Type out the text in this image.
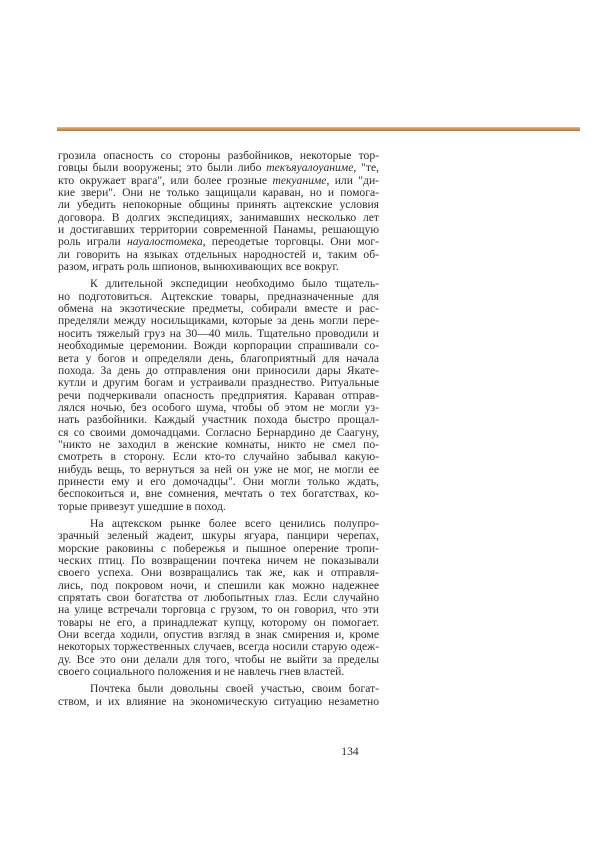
грозила опасность со стороны разбойников, некоторые тор-
говцы были вооружены; это были либо текъяуалоуаниме, "те,
кто окружает врага", или более грозные текуаниме, или "ди-
кие звери". Они не только защищали караван, но и помога-
ли убедить непокорные общины принять ацтекские условия
договора. В долгих экспедициях, занимавших несколько лет
и достигавших территории современной Панамы, решающую
роль играли науалостомека, переодетые торговцы. Они мог-
ли говорить на языках отдельных народностей и, таким об-
разом, играть роль шпионов, вынюхивающих все вокруг.
К длительной экспедиции необходимо было тщатель-
но подготовиться. Ацтекские товары, предназначенные для
обмена на экзотические предметы, собирали вместе и рас-
пределяли между носильщиками, которые за день могли пере-
носить тяжелый груз на 30—40 миль. Тщательно проводили и
необходимые церемонии. Вожди корпорации спрашивали со-
вета у богов и определяли день, благоприятный для начала
похода. За день до отправления они приносили дары Якате-
кутли и другим богам и устраивали празднество. Ритуальные
речи подчеркивали опасность предприятия. Караван отправ-
лялся ночью, без особого шума, чтобы об этом не могли уз-
нать разбойники. Каждый участник похода быстро прощал-
ся со своими домочадцами. Согласно Бернардино де Саагуну,
"никто не заходил в женские комнаты, никто не смел по-
смотреть в сторону. Если кто-то случайно забывал какую-
нибудь вещь, то вернуться за ней он уже не мог, не могли ее
принести ему и его домочадцы". Они могли только ждать,
беспокоиться и, вне сомнения, мечтать о тех богатствах, ко-
торые привезут ушедшие в поход.
На ацтекском рынке более всего ценились полупро-
зрачный зеленый жадеит, шкуры ягуара, панцири черепах,
морские раковины с побережья и пышное оперение тропи-
ческих птиц. По возвращении почтека ничем не показывали
своего успеха. Они возвращались так же, как и отправля-
лись, под покровом ночи, и спешили как можно надежнее
спрятать свои богатства от любопытных глаз. Если случайно
на улице встречали торговца с грузом, то он говорил, что эти
товары не его, а принадлежат купцу, которому он помогает.
Они всегда ходили, опустив взгляд в знак смирения и, кроме
некоторых торжественных случаев, всегда носили старую одеж-
ду. Все это они делали для того, чтобы не выйти за пределы
своего социального положения и не навлечь гнев властей.
Почтека были довольны своей участью, своим богат-
ством, и их влияние на экономическую ситуацию незаметно
134
